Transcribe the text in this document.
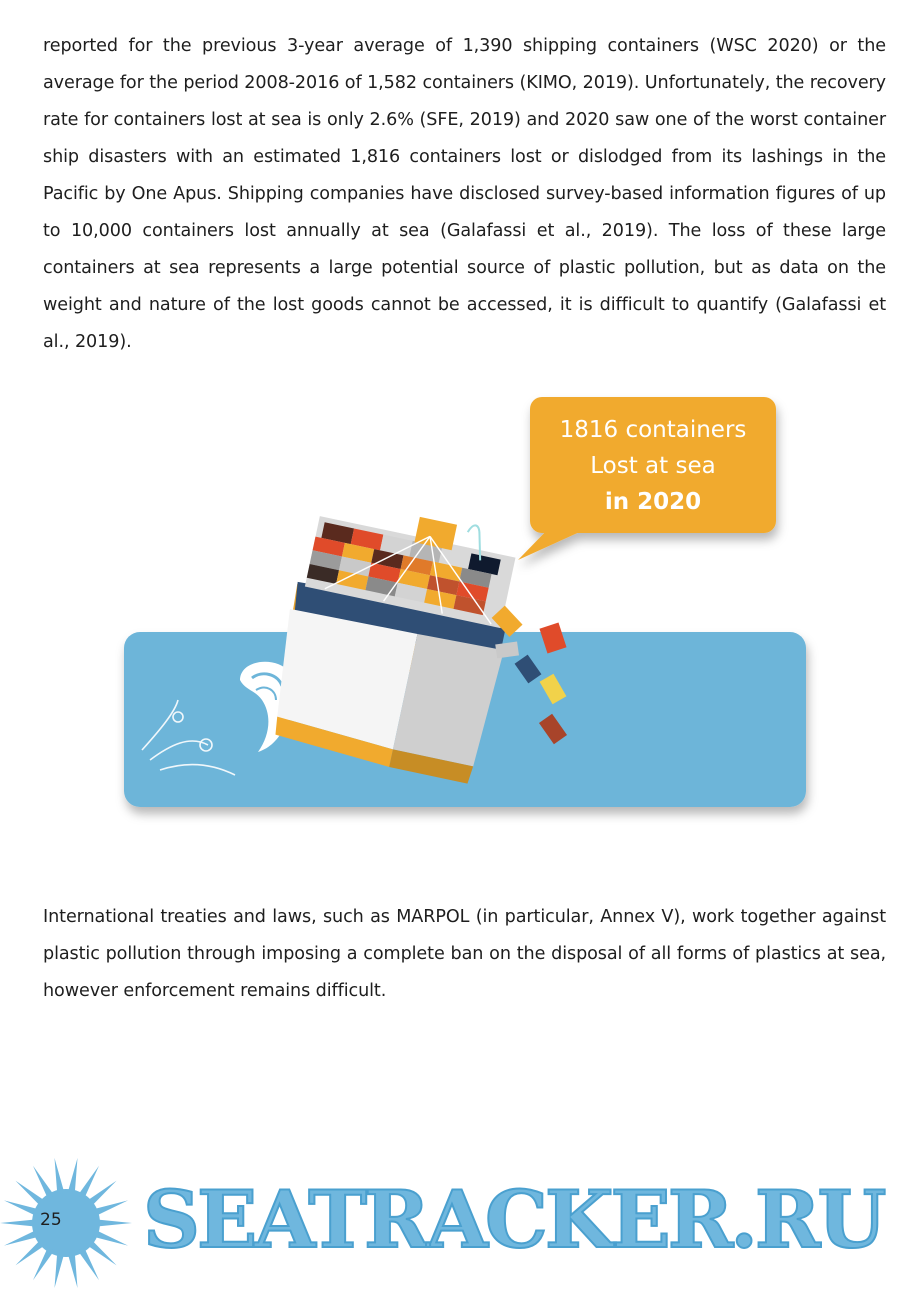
reported for the previous 3-year average of 1,390 shipping containers (WSC 2020) or the average for the period 2008-2016 of 1,582 containers (KIMO, 2019). Unfortunately, the recovery rate for containers lost at sea is only 2.6% (SFE, 2019) and 2020 saw one of the worst container ship disasters with an estimated 1,816 containers lost or dislodged from its lashings in the Pacific by One Apus. Shipping companies have disclosed survey-based information figures of up to 10,000 containers lost annually at sea (Galafassi et al., 2019). The loss of these large containers at sea represents a large potential source of plastic pollution, but as data on the weight and nature of the lost goods cannot be accessed, it is difficult to quantify (Galafassi et al., 2019).

1816 containers
Lost at sea
in 2020

International treaties and laws, such as MARPOL (in particular, Annex V), work together against plastic pollution through imposing a complete ban on the disposal of all forms of plastics at sea, however enforcement remains difficult.

25 SEATRACKER.RU
